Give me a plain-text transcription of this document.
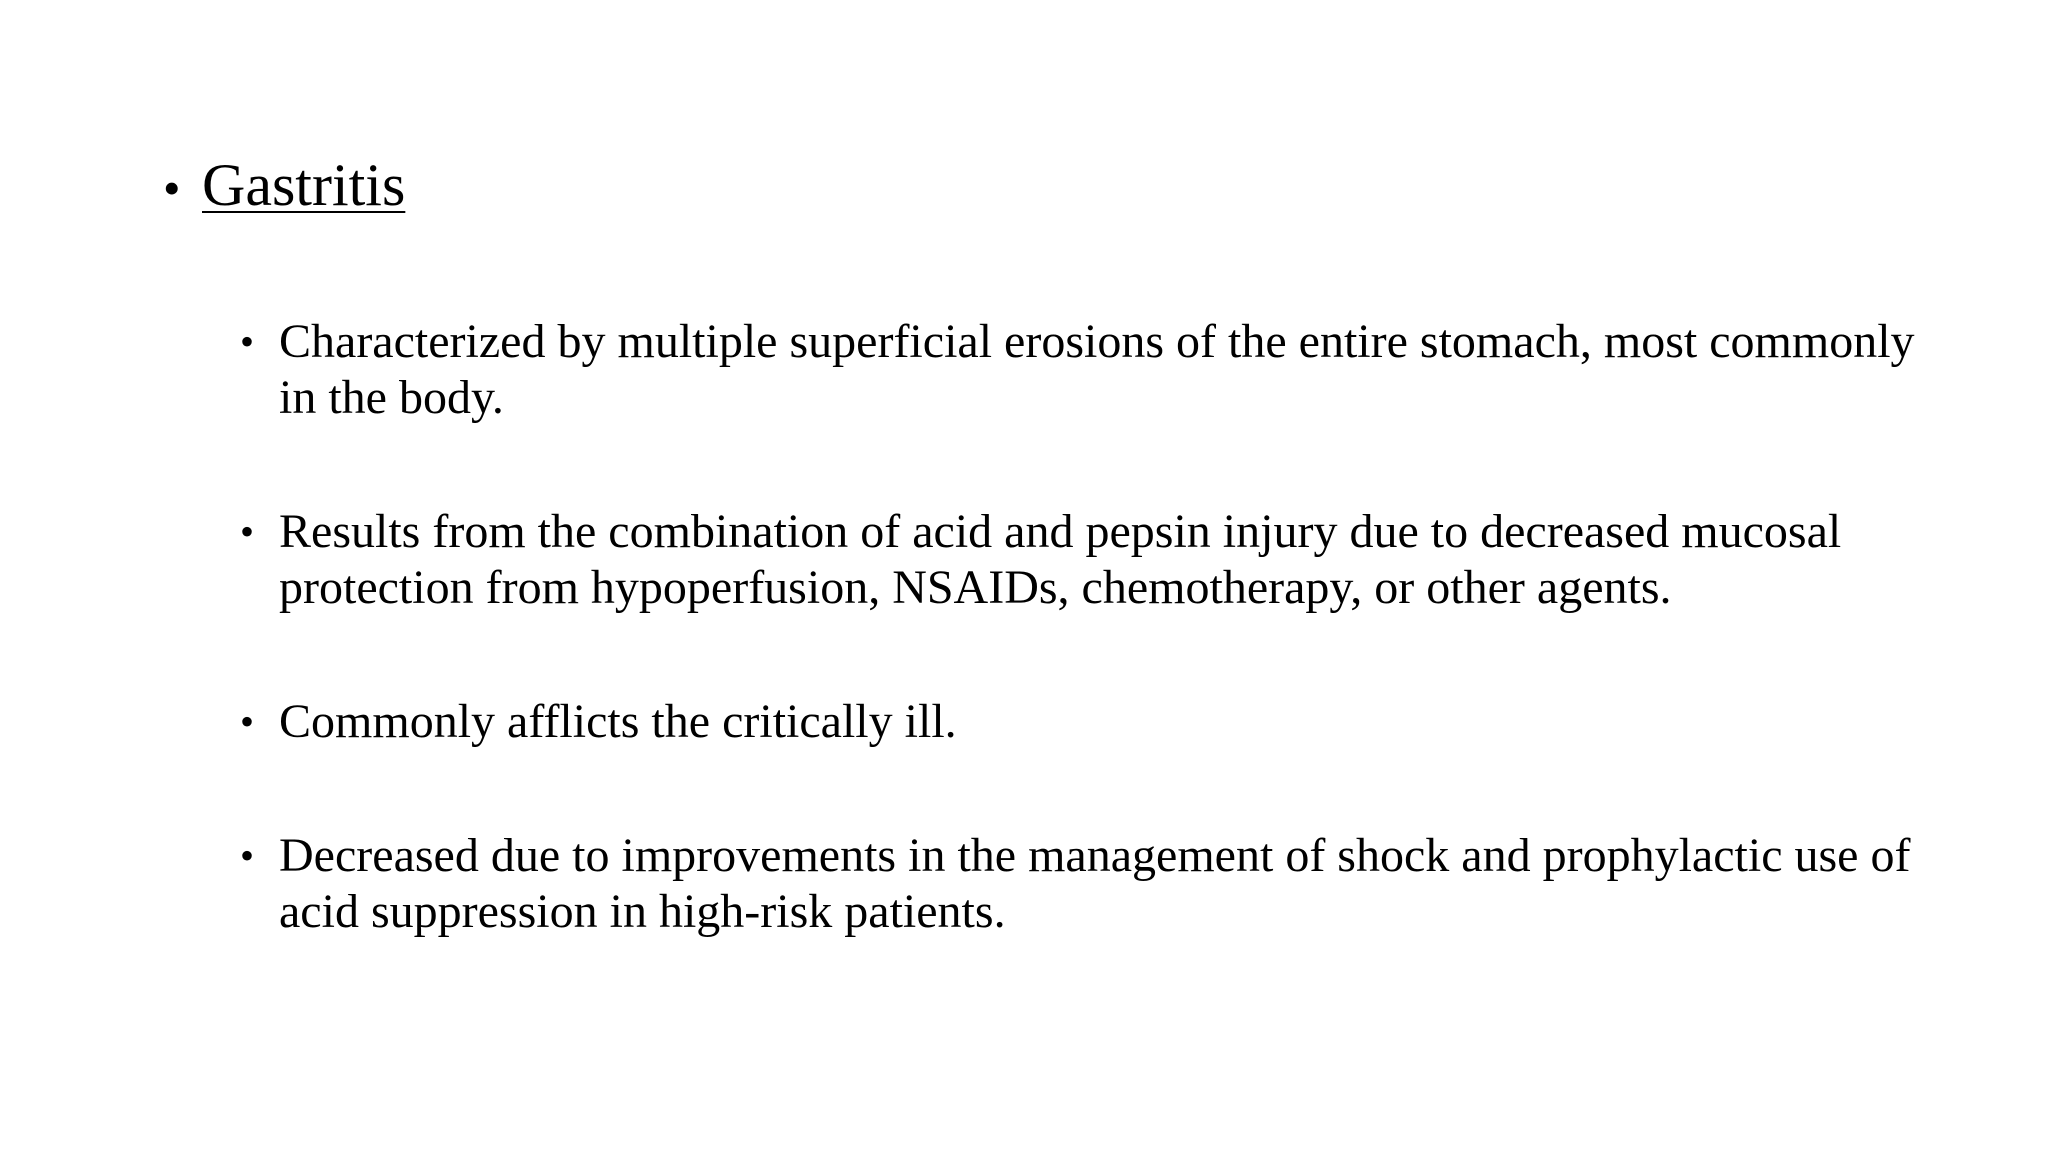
• Gastritis
• Characterized by multiple superficial erosions of the entire stomach, most commonly in the body.
• Results from the combination of acid and pepsin injury due to decreased mucosal protection from hypoperfusion, NSAIDs, chemotherapy, or other agents.
• Commonly afflicts the critically ill.
• Decreased due to improvements in the management of shock and prophylactic use of acid suppression in high-risk patients.
